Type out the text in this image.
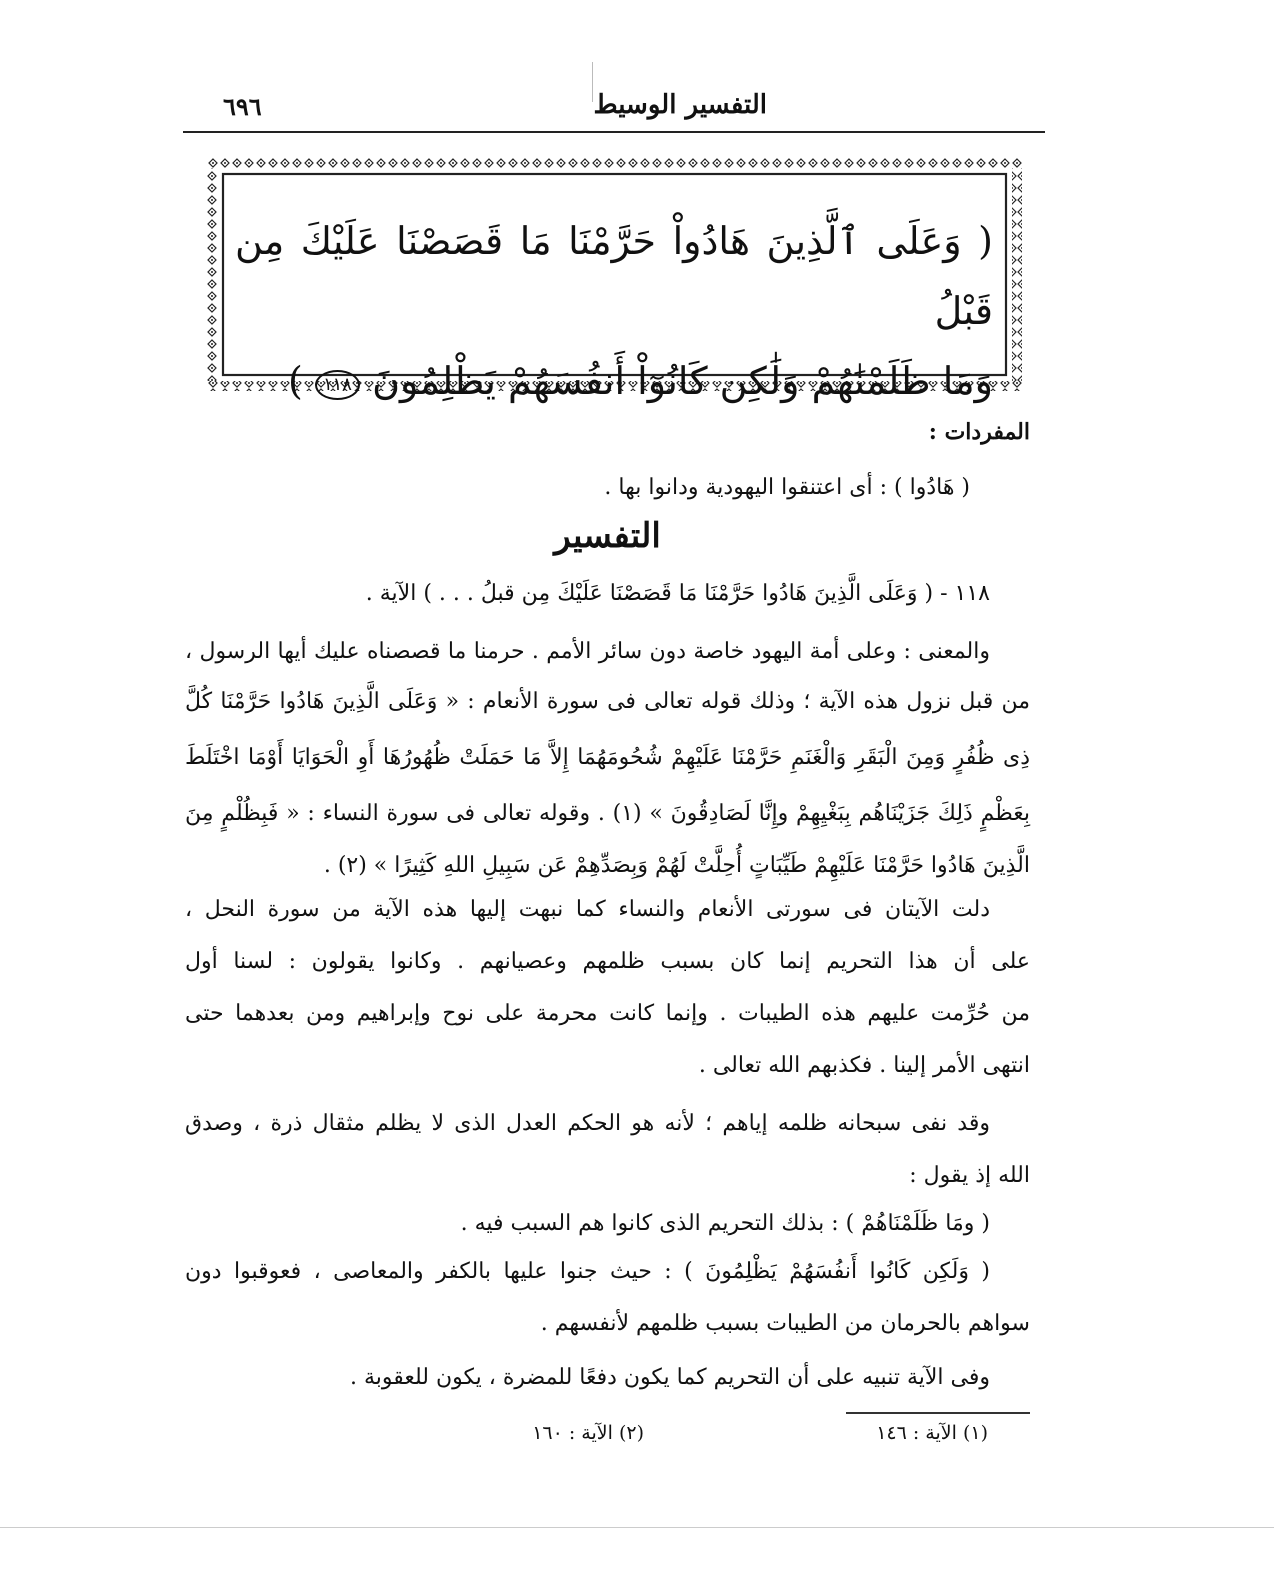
التفسير الوسيط
٦٩٦
( وَعَلَى ٱلَّذِينَ هَادُواْ حَرَّمْنَا مَا قَصَصْنَا عَلَيْكَ مِن قَبْلُ
وَمَا ظَلَمْنَٰهُمْ وَلَٰكِن كَانُوٓاْ أَنفُسَهُمْ يَظْلِمُونَ ١١٨ )
المفردات :
( هَادُوا ) : أى اعتنقوا اليهودية ودانوا بها .
التفسير
١١٨ - ( وَعَلَى الَّذِينَ هَادُوا حَرَّمْنَا مَا قَصَصْنَا عَلَيْكَ مِن قبلُ . . . ) الآية .
والمعنى : وعلى أمة اليهود خاصة دون سائر الأمم . حرمنا ما قصصناه عليك أيها الرسول ،
من قبل نزول هذه الآية ؛ وذلك قوله تعالى فى سورة الأنعام : « وَعَلَى الَّذِينَ هَادُوا حَرَّمْنَا كُلَّ
ذِى ظُفُرٍ وَمِنَ الْبَقَرِ وَالْغَنَمِ حَرَّمْنَا عَلَيْهِمْ شُحُومَهُمَا إِلاَّ مَا حَمَلَتْ ظُهُورُهَا أَوِ الْحَوَايَا أَوْمَا اخْتَلَطَ
بِعَظْمٍ ذَلِكَ جَزَيْنَاهُم بِبَغْيِهِمْ وإِنَّا لَصَادِقُونَ » (١) . وقوله تعالى فى سورة النساء : « فَبِظُلْمٍ مِنَ
الَّذِينَ هَادُوا حَرَّمْنَا عَلَيْهِمْ طَيِّبَاتٍ أُحِلَّتْ لَهُمْ وَبِصَدِّهِمْ عَن سَبِيلِ اللهِ كَثِيرًا » (٢) .
دلت الآيتان فى سورتى الأنعام والنساء كما نبهت إليها هذه الآية من سورة النحل ،
على أن هذا التحريم إنما كان بسبب ظلمهم وعصيانهم . وكانوا يقولون : لسنا أول
من حُرِّمت عليهم هذه الطيبات . وإنما كانت محرمة على نوح وإبراهيم ومن بعدهما حتى
انتهى الأمر إلينا . فكذبهم الله تعالى .
وقد نفى سبحانه ظلمه إياهم ؛ لأنه هو الحكم العدل الذى لا يظلم مثقال ذرة ، وصدق
الله إذ يقول :
( ومَا ظَلَمْنَاهُمْ ) : بذلك التحريم الذى كانوا هم السبب فيه .
( وَلَكِن كَانُوا أَنفُسَهُمْ يَظْلِمُونَ ) : حيث جنوا عليها بالكفر والمعاصى ، فعوقبوا دون
سواهم بالحرمان من الطيبات بسبب ظلمهم لأنفسهم .
وفى الآية تنبيه على أن التحريم كما يكون دفعًا للمضرة ، يكون للعقوبة .
(١) الآية : ١٤٦
(٢) الآية : ١٦٠
